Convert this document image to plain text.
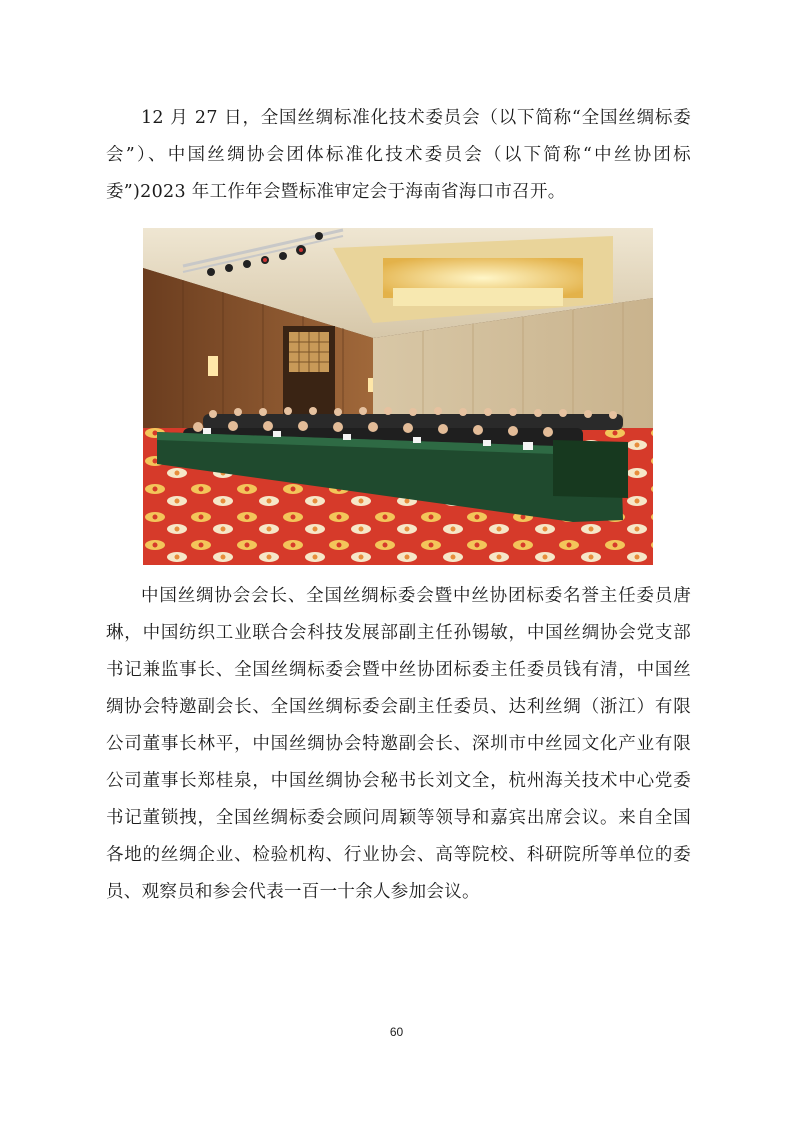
12 月 27 日，全国丝绸标准化技术委员会（以下简称“全国丝绸标委会”）、中国丝绸协会团体标准化技术委员会（以下简称“中丝协团标委”)2023 年工作年会暨标准审定会于海南省海口市召开。

中国丝绸协会会长、全国丝绸标委会暨中丝协团标委名誉主任委员唐琳，中国纺织工业联合会科技发展部副主任孙锡敏，中国丝绸协会党支部书记兼监事长、全国丝绸标委会暨中丝协团标委主任委员钱有清，中国丝绸协会特邀副会长、全国丝绸标委会副主任委员、达利丝绸（浙江）有限公司董事长林平，中国丝绸协会特邀副会长、深圳市中丝园文化产业有限公司董事长郑桂泉，中国丝绸协会秘书长刘文全，杭州海关技术中心党委书记董锁拽，全国丝绸标委会顾问周颖等领导和嘉宾出席会议。来自全国各地的丝绸企业、检验机构、行业协会、高等院校、科研院所等单位的委员、观察员和参会代表一百一十余人参加会议。

60
